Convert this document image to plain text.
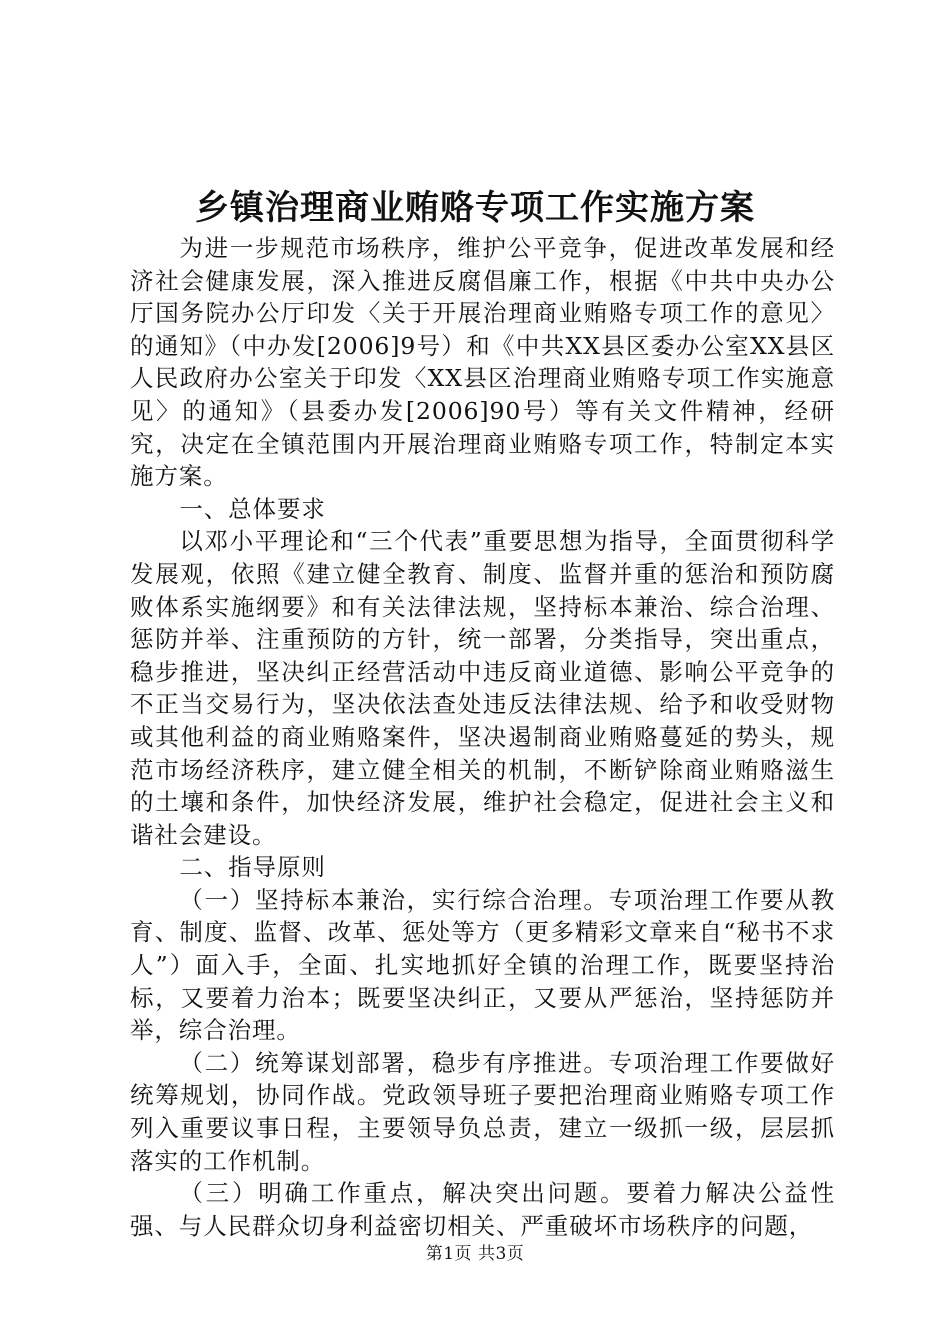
乡镇治理商业贿赂专项工作实施方案

为进一步规范市场秩序，维护公平竞争，促进改革发展和经济社会健康发展，深入推进反腐倡廉工作，根据《中共中央办公厅国务院办公厅印发〈关于开展治理商业贿赂专项工作的意见〉的通知》（中办发[2006]9号）和《中共XX县区委办公室XX县区人民政府办公室关于印发〈XX县区治理商业贿赂专项工作实施意见〉的通知》（县委办发[2006]90号）等有关文件精神，经研究，决定在全镇范围内开展治理商业贿赂专项工作，特制定本实施方案。

一、总体要求

以邓小平理论和“三个代表”重要思想为指导，全面贯彻科学发展观，依照《建立健全教育、制度、监督并重的惩治和预防腐败体系实施纲要》和有关法律法规，坚持标本兼治、综合治理、惩防并举、注重预防的方针，统一部署，分类指导，突出重点，稳步推进，坚决纠正经营活动中违反商业道德、影响公平竞争的不正当交易行为，坚决依法查处违反法律法规、给予和收受财物或其他利益的商业贿赂案件，坚决遏制商业贿赂蔓延的势头，规范市场经济秩序，建立健全相关的机制，不断铲除商业贿赂滋生的土壤和条件，加快经济发展，维护社会稳定，促进社会主义和谐社会建设。

二、指导原则

（一）坚持标本兼治，实行综合治理。专项治理工作要从教育、制度、监督、改革、惩处等方（更多精彩文章来自“秘书不求人”）面入手，全面、扎实地抓好全镇的治理工作，既要坚持治标，又要着力治本；既要坚决纠正，又要从严惩治，坚持惩防并举，综合治理。

（二）统筹谋划部署，稳步有序推进。专项治理工作要做好统筹规划，协同作战。党政领导班子要把治理商业贿赂专项工作列入重要议事日程，主要领导负总责，建立一级抓一级，层层抓落实的工作机制。

（三）明确工作重点，解决突出问题。要着力解决公益性强、与人民群众切身利益密切相关、严重破坏市场秩序的问题，

第1页 共3页
